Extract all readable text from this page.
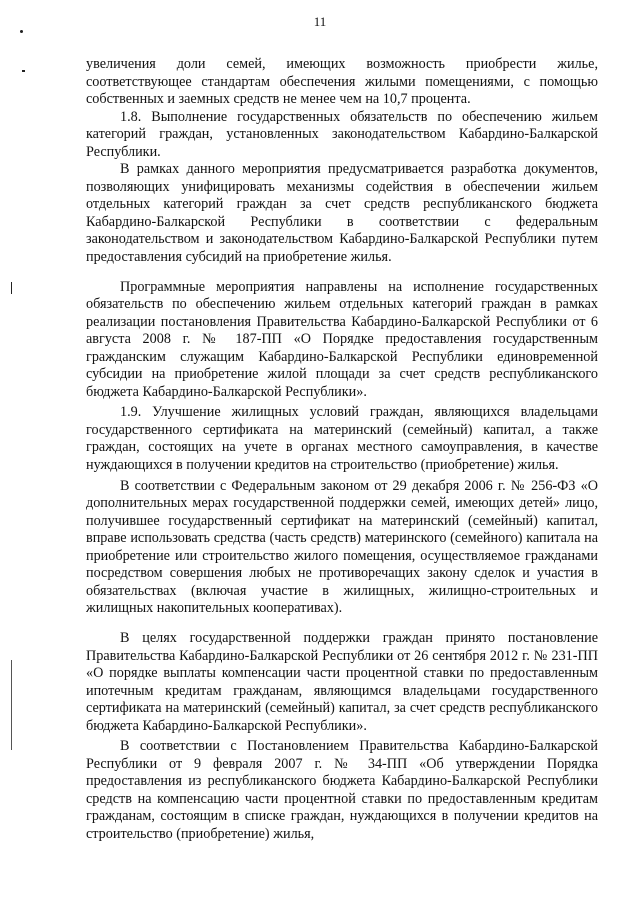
11

увеличения доли семей, имеющих возможность приобрести жилье, соответствующее стандартам обеспечения жилыми помещениями, с помощью собственных и заемных средств не менее чем на 10,7 процента.

1.8. Выполнение государственных обязательств по обеспечению жильем категорий граждан, установленных законодательством Кабардино-Балкарской Республики.

В рамках данного мероприятия предусматривается разработка документов, позволяющих унифицировать механизмы содействия в обеспечении жильем отдельных категорий граждан за счет средств республиканского бюджета Кабардино-Балкарской Республики в соответствии с федеральным законодательством и законодательством Кабардино-Балкарской Республики путем предоставления субсидий на приобретение жилья.

Программные мероприятия направлены на исполнение государственных обязательств по обеспечению жильем отдельных категорий граждан в рамках реализации постановления Правительства Кабардино-Балкарской Республики от 6 августа 2008 г. № 187-ПП «О Порядке предоставления государственным гражданским служащим Кабардино-Балкарской Республики единовременной субсидии на приобретение жилой площади за счет средств республиканского бюджета Кабардино-Балкарской Республики».

1.9. Улучшение жилищных условий граждан, являющихся владельцами государственного сертификата на материнский (семейный) капитал, а также граждан, состоящих на учете в органах местного самоуправления, в качестве нуждающихся в получении кредитов на строительство (приобретение) жилья.

В соответствии с Федеральным законом от 29 декабря 2006 г. № 256-ФЗ «О дополнительных мерах государственной поддержки семей, имеющих детей» лицо, получившее государственный сертификат на материнский (семейный) капитал, вправе использовать средства (часть средств) материнского (семейного) капитала на приобретение или строительство жилого помещения, осуществляемое гражданами посредством совершения любых не противоречащих закону сделок и участия в обязательствах (включая участие в жилищных, жилищно-строительных и жилищных накопительных кооперативах).

В целях государственной поддержки граждан принято постановление Правительства Кабардино-Балкарской Республики от 26 сентября 2012 г. № 231-ПП «О порядке выплаты компенсации части процентной ставки по предоставленным ипотечным кредитам гражданам, являющимся владельцами государственного сертификата на материнский (семейный) капитал, за счет средств республиканского бюджета Кабардино-Балкарской Республики».

В соответствии с Постановлением Правительства Кабардино-Балкарской Республики от 9 февраля 2007 г. № 34-ПП «Об утверждении Порядка предоставления из республиканского бюджета Кабардино-Балкарской Республики средств на компенсацию части процентной ставки по предоставленным кредитам гражданам, состоящим в списке граждан, нуждающихся в получении кредитов на строительство (приобретение) жилья,
